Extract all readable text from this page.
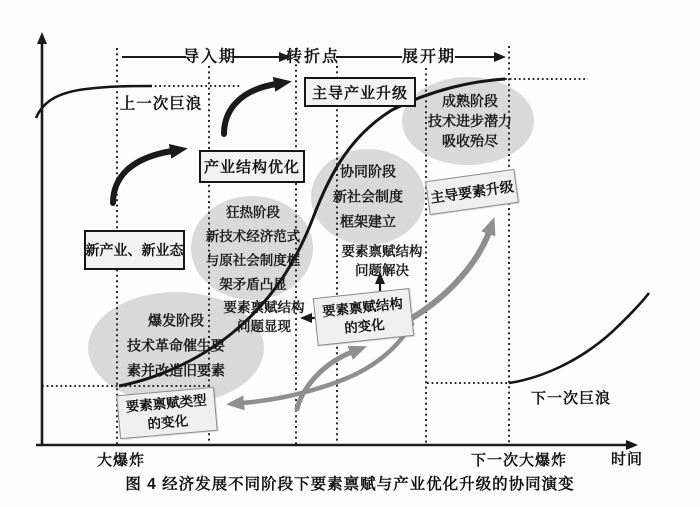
导入期	转折点	展开期
上一次巨浪
下一次巨浪
爆发阶段
技术革命催生要
素并改造旧要素
狂热阶段
新技术经济范式
与原社会制度框
架矛盾凸显
协同阶段
新社会制度
框架建立
成熟阶段
技术进步潜力
吸收殆尽
新产业、新业态
产业结构优化
主导产业升级
主导要素升级
要素禀赋结构
的变化
要素禀赋类型
的变化
要素禀赋结构
问题显现
要素禀赋结构
问题解决
大爆炸	下一次大爆炸	时间
图 4 经济发展不同阶段下要素禀赋与产业优化升级的协同演变
